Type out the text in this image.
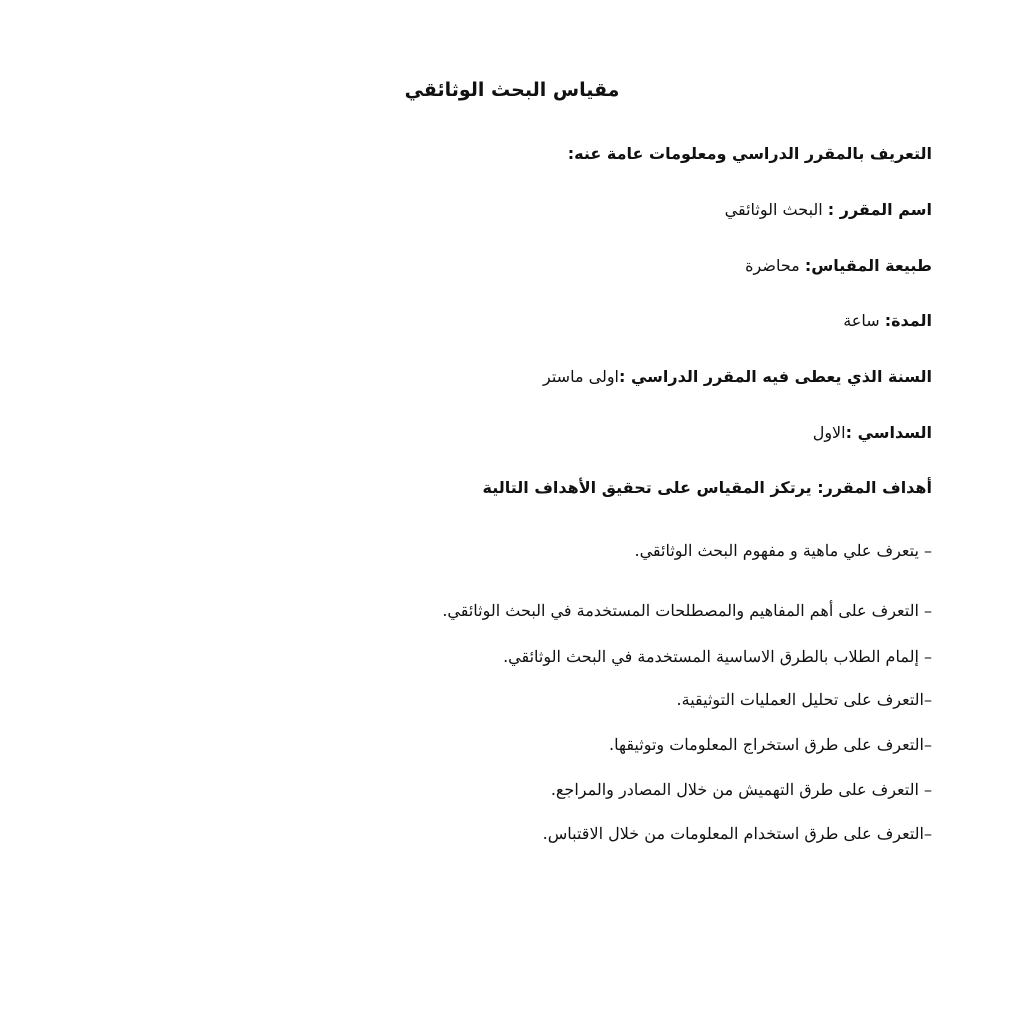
مقياس البحث الوثائقي
التعريف بالمقرر الدراسي ومعلومات عامة عنه:
اسم المقرر : البحث الوثائقي
طبيعة المقياس: محاضرة
المدة: ساعة
السنة الذي يعطى فيه المقرر الدراسي :اولى ماستر
السداسي :الاول
أهداف المقرر: يرتكز المقياس على تحقيق الأهداف التالية
– يتعرف علي ماهية و مفهوم البحث الوثائقي.
– التعرف على أهم المفاهيم والمصطلحات المستخدمة في البحث الوثائقي.
– إلمام الطلاب بالطرق الاساسية المستخدمة في البحث الوثائقي.
–التعرف على تحليل العمليات التوثيقية.
–التعرف على طرق استخراج المعلومات وتوثيقها.
– التعرف على طرق التهميش من خلال المصادر والمراجع.
–التعرف على طرق استخدام المعلومات من خلال الاقتباس.
